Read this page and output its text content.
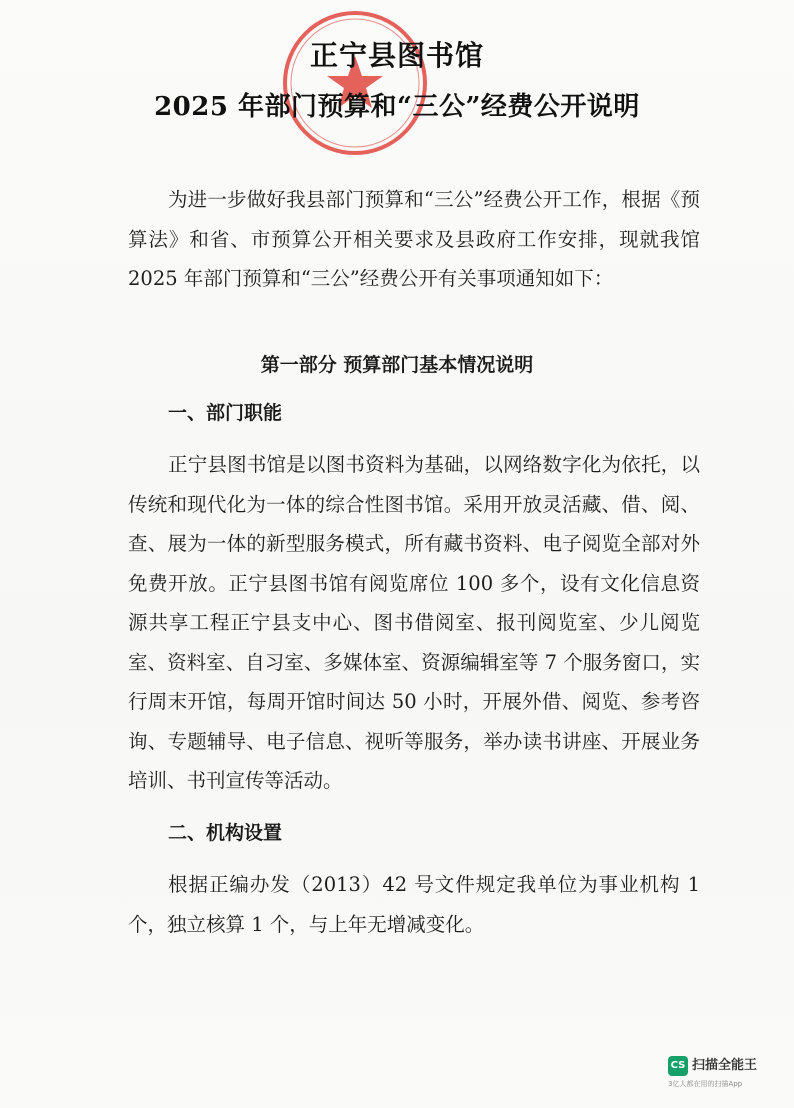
正宁县图书馆
2025 年部门预算和“三公”经费公开说明

为进一步做好我县部门预算和“三公”经费公开工作，根据《预算法》和省、市预算公开相关要求及县政府工作安排，现就我馆 2025 年部门预算和“三公”经费公开有关事项通知如下：

第一部分 预算部门基本情况说明
一、部门职能

正宁县图书馆是以图书资料为基础，以网络数字化为依托，以传统和现代化为一体的综合性图书馆。采用开放灵活藏、借、阅、查、展为一体的新型服务模式，所有藏书资料、电子阅览全部对外免费开放。正宁县图书馆有阅览席位 100 多个，设有文化信息资源共享工程正宁县支中心、图书借阅室、报刊阅览室、少儿阅览室、资料室、自习室、多媒体室、资源编辑室等 7 个服务窗口，实行周末开馆，每周开馆时间达 50 小时，开展外借、阅览、参考咨询、专题辅导、电子信息、视听等服务，举办读书讲座、开展业务培训、书刊宣传等活动。

二、机构设置

根据正编办发（2013）42 号文件规定我单位为事业机构 1 个，独立核算 1 个，与上年无增减变化。

CS 扫描全能王
3亿人都在用的扫描App
